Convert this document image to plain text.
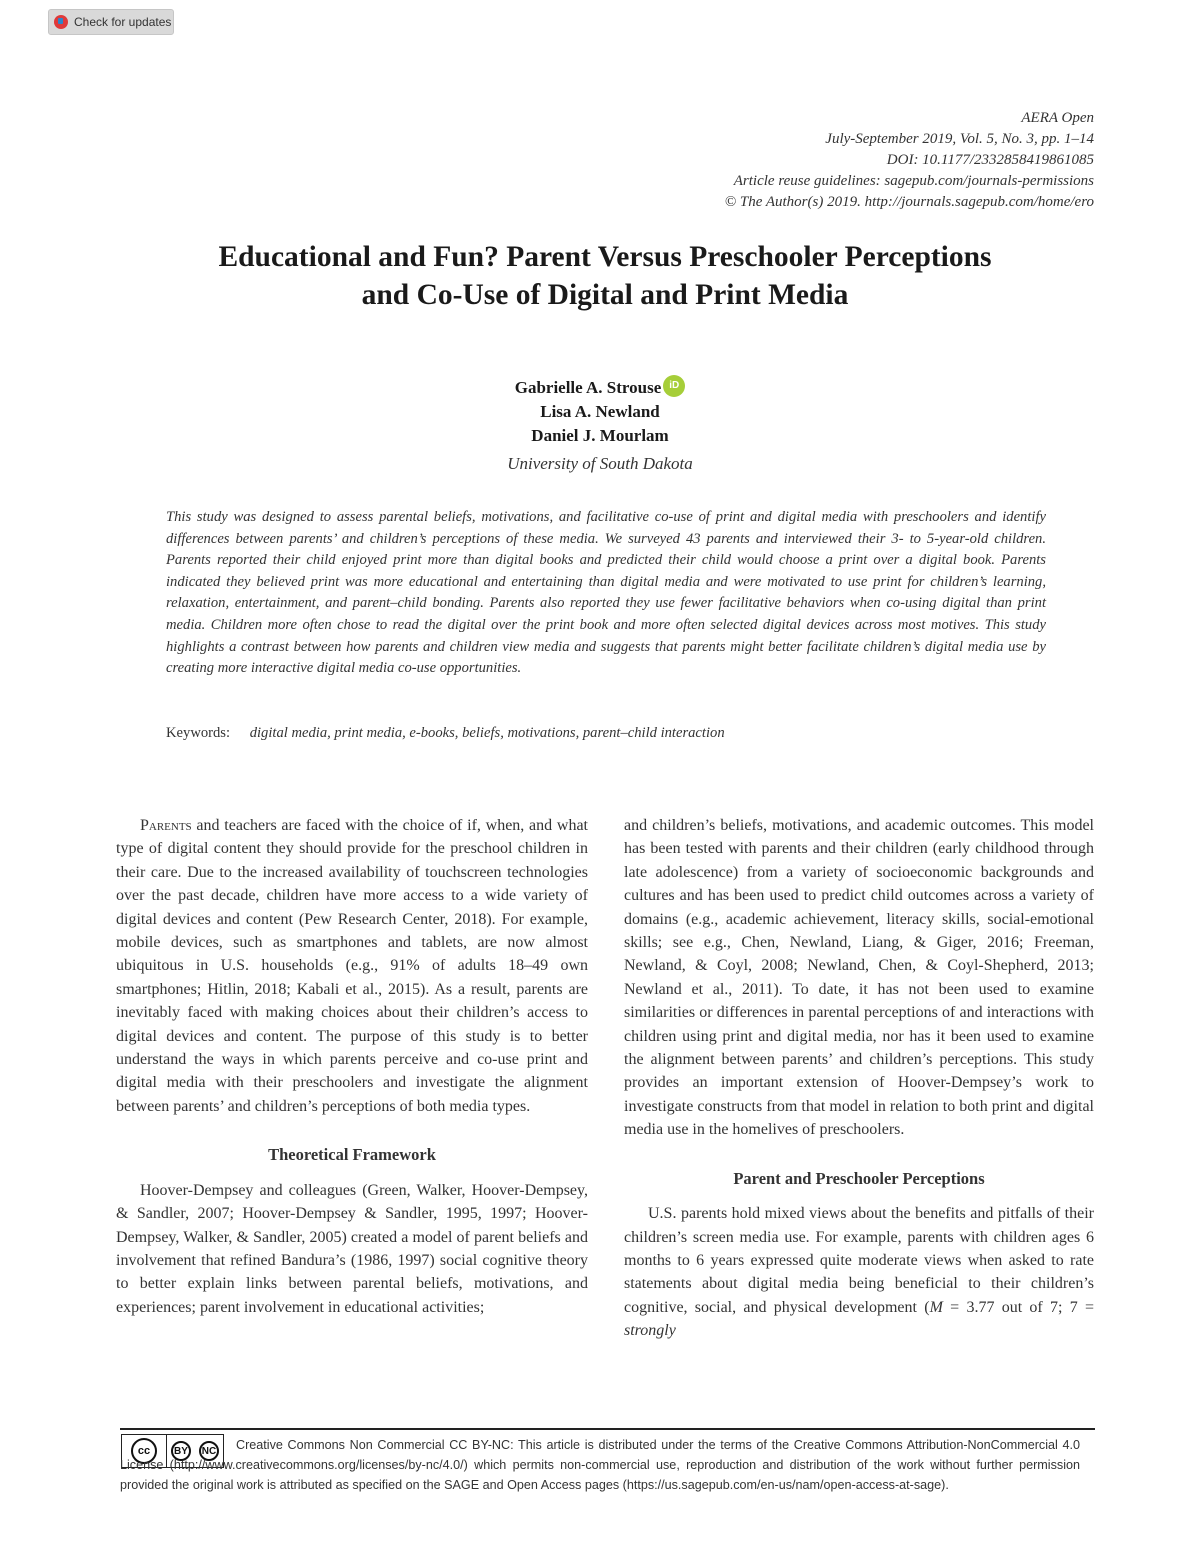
Check for updates
AERA Open
July-September 2019, Vol. 5, No. 3, pp. 1–14
DOI: 10.1177/2332858419861085
Article reuse guidelines: sagepub.com/journals-permissions
© The Author(s) 2019. http://journals.sagepub.com/home/ero
Educational and Fun? Parent Versus Preschooler Perceptions
and Co-Use of Digital and Print Media
Gabrielle A. Strouse iD
Lisa A. Newland
Daniel J. Mourlam
University of South Dakota
This study was designed to assess parental beliefs, motivations, and facilitative co-use of print and digital media with preschoolers and identify differences between parents’ and children’s perceptions of these media. We surveyed 43 parents and interviewed their 3- to 5-year-old children. Parents reported their child enjoyed print more than digital books and predicted their child would choose a print over a digital book. Parents indicated they believed print was more educational and entertaining than digital media and were motivated to use print for children’s learning, relaxation, entertainment, and parent–child bonding. Parents also reported they use fewer facilitative behaviors when co-using digital than print media. Children more often chose to read the digital over the print book and more often selected digital devices across most motives. This study highlights a contrast between how parents and children view media and suggests that parents might better facilitate children’s digital media use by creating more interactive digital media co-use opportunities.
Keywords: digital media, print media, e-books, beliefs, motivations, parent–child interaction

Parents and teachers are faced with the choice of if, when, and what type of digital content they should provide for the preschool children in their care. Due to the increased availability of touchscreen technologies over the past decade, children have more access to a wide variety of digital devices and content (Pew Research Center, 2018). For example, mobile devices, such as smartphones and tablets, are now almost ubiquitous in U.S. households (e.g., 91% of adults 18–49 own smartphones; Hitlin, 2018; Kabali et al., 2015). As a result, parents are inevitably faced with making choices about their children’s access to digital devices and content. The purpose of this study is to better understand the ways in which parents perceive and co-use print and digital media with their preschoolers and investigate the alignment between parents’ and children’s perceptions of both media types.

Theoretical Framework

Hoover-Dempsey and colleagues (Green, Walker, Hoover-Dempsey, & Sandler, 2007; Hoover-Dempsey & Sandler, 1995, 1997; Hoover-Dempsey, Walker, & Sandler, 2005) created a model of parent beliefs and involvement that refined Bandura’s (1986, 1997) social cognitive theory to better explain links between parental beliefs, motivations, and experiences; parent involvement in educational activities;

and children’s beliefs, motivations, and academic outcomes. This model has been tested with parents and their children (early childhood through late adolescence) from a variety of socioeconomic backgrounds and cultures and has been used to predict child outcomes across a variety of domains (e.g., academic achievement, literacy skills, social-emotional skills; see e.g., Chen, Newland, Liang, & Giger, 2016; Freeman, Newland, & Coyl, 2008; Newland, Chen, & Coyl-Shepherd, 2013; Newland et al., 2011). To date, it has not been used to examine similarities or differences in parental perceptions of and interactions with children using print and digital media, nor has it been used to examine the alignment between parents’ and children’s perceptions. This study provides an important extension of Hoover-Dempsey’s work to investigate constructs from that model in relation to both print and digital media use in the homelives of preschoolers.

Parent and Preschooler Perceptions

U.S. parents hold mixed views about the benefits and pitfalls of their children’s screen media use. For example, parents with children ages 6 months to 6 years expressed quite moderate views when asked to rate statements about digital media being beneficial to their children’s cognitive, social, and physical development (M = 3.77 out of 7; 7 = strongly

cc	BY	NC	Creative Commons Non Commercial CC BY-NC: This article is distributed under the terms of the Creative Commons Attribution-NonCommercial 4.0 License (http://www.creativecommons.org/licenses/by-nc/4.0/) which permits non-commercial use, reproduction and distribution of the work without further permission provided the original work is attributed as specified on the SAGE and Open Access pages (https://us.sagepub.com/en-us/nam/open-access-at-sage).
